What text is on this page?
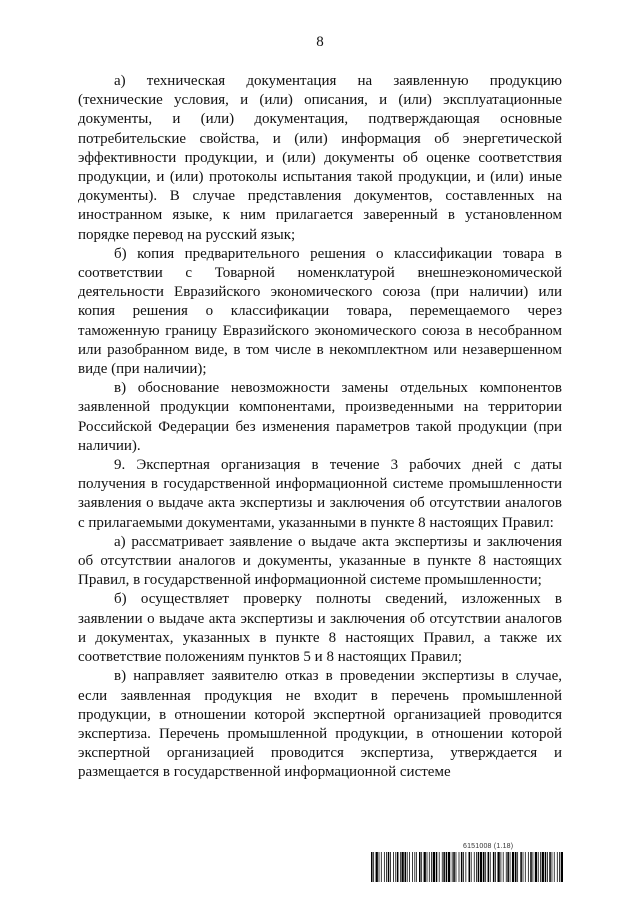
8

а) техническая документация на заявленную продукцию (технические условия, и (или) описания, и (или) эксплуатационные документы, и (или) документация, подтверждающая основные потребительские свойства, и (или) информация об энергетической эффективности продукции, и (или) документы об оценке соответствия продукции, и (или) протоколы испытания такой продукции, и (или) иные документы). В случае представления документов, составленных на иностранном языке, к ним прилагается заверенный в установленном порядке перевод на русский язык;

б) копия предварительного решения о классификации товара в соответствии с Товарной номенклатурой внешнеэкономической деятельности Евразийского экономического союза (при наличии) или копия решения о классификации товара, перемещаемого через таможенную границу Евразийского экономического союза в несобранном или разобранном виде, в том числе в некомплектном или незавершенном виде (при наличии);

в) обоснование невозможности замены отдельных компонентов заявленной продукции компонентами, произведенными на территории Российской Федерации без изменения параметров такой продукции (при наличии).

9. Экспертная организация в течение 3 рабочих дней с даты получения в государственной информационной системе промышленности заявления о выдаче акта экспертизы и заключения об отсутствии аналогов с прилагаемыми документами, указанными в пункте 8 настоящих Правил:

а) рассматривает заявление о выдаче акта экспертизы и заключения об отсутствии аналогов и документы, указанные в пункте 8 настоящих Правил, в государственной информационной системе промышленности;

б) осуществляет проверку полноты сведений, изложенных в заявлении о выдаче акта экспертизы и заключения об отсутствии аналогов и документах, указанных в пункте 8 настоящих Правил, а также их соответствие положениям пунктов 5 и 8 настоящих Правил;

в) направляет заявителю отказ в проведении экспертизы в случае, если заявленная продукция не входит в перечень промышленной продукции, в отношении которой экспертной организацией проводится экспертиза. Перечень промышленной продукции, в отношении которой экспертной организацией проводится экспертиза, утверждается и размещается в государственной информационной системе

6151008 (1.18)
